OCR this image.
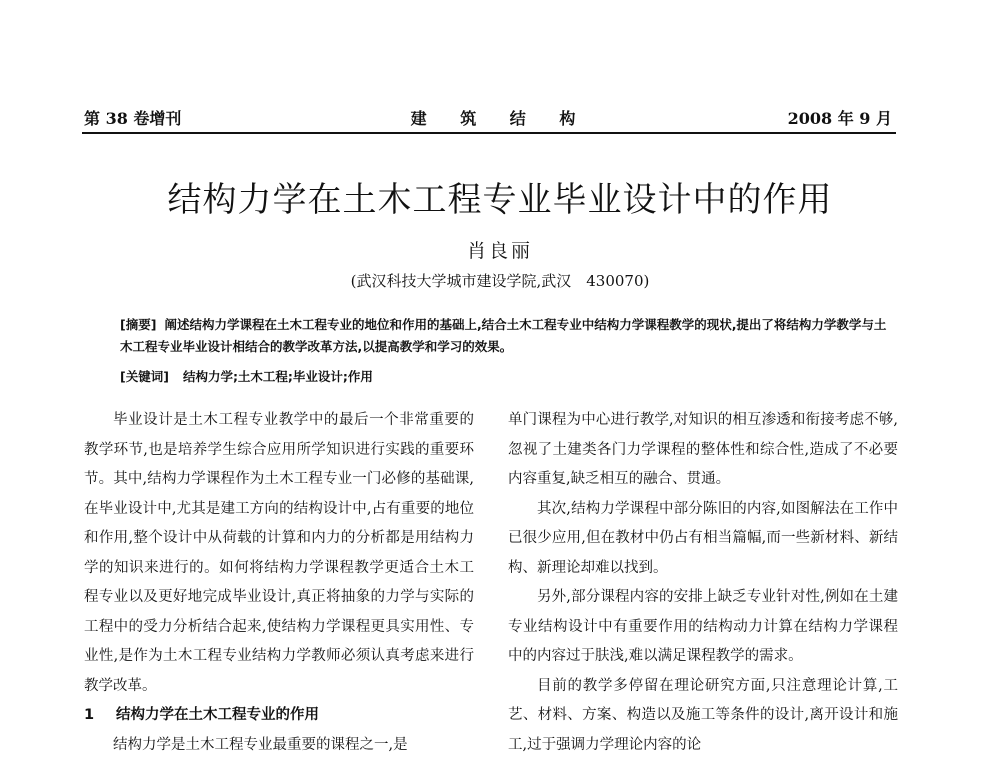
第 38 卷增刊	建 筑 结 构	2008 年 9 月
结构力学在土木工程专业毕业设计中的作用
肖良丽
(武汉科技大学城市建设学院,武汉　430070)
[摘要] 阐述结构力学课程在土木工程专业的地位和作用的基础上,结合土木工程专业中结构力学课程教学的现状,提出了将结构力学教学与土木工程专业毕业设计相结合的教学改革方法,以提高教学和学习的效果。
[关键词] 结构力学;土木工程;毕业设计;作用

毕业设计是土木工程专业教学中的最后一个非常重要的教学环节,也是培养学生综合应用所学知识进行实践的重要环节。其中,结构力学课程作为土木工程专业一门必修的基础课,在毕业设计中,尤其是建工方向的结构设计中,占有重要的地位和作用,整个设计中从荷载的计算和内力的分析都是用结构力学的知识来进行的。如何将结构力学课程教学更适合土木工程专业以及更好地完成毕业设计,真正将抽象的力学与实际的工程中的受力分析结合起来,使结构力学课程更具实用性、专业性,是作为土木工程专业结构力学教师必须认真考虑来进行教学改革。

1 结构力学在土木工程专业的作用

结构力学是土木工程专业最重要的课程之一,是

单门课程为中心进行教学,对知识的相互渗透和衔接考虑不够,忽视了土建类各门力学课程的整体性和综合性,造成了不必要内容重复,缺乏相互的融合、贯通。

其次,结构力学课程中部分陈旧的内容,如图解法在工作中已很少应用,但在教材中仍占有相当篇幅,而一些新材料、新结构、新理论却难以找到。

另外,部分课程内容的安排上缺乏专业针对性,例如在土建专业结构设计中有重要作用的结构动力计算在结构力学课程中的内容过于肤浅,难以满足课程教学的需求。

目前的教学多停留在理论研究方面,只注意理论计算,工艺、材料、方案、构造以及施工等条件的设计,离开设计和施工,过于强调力学理论内容的论
